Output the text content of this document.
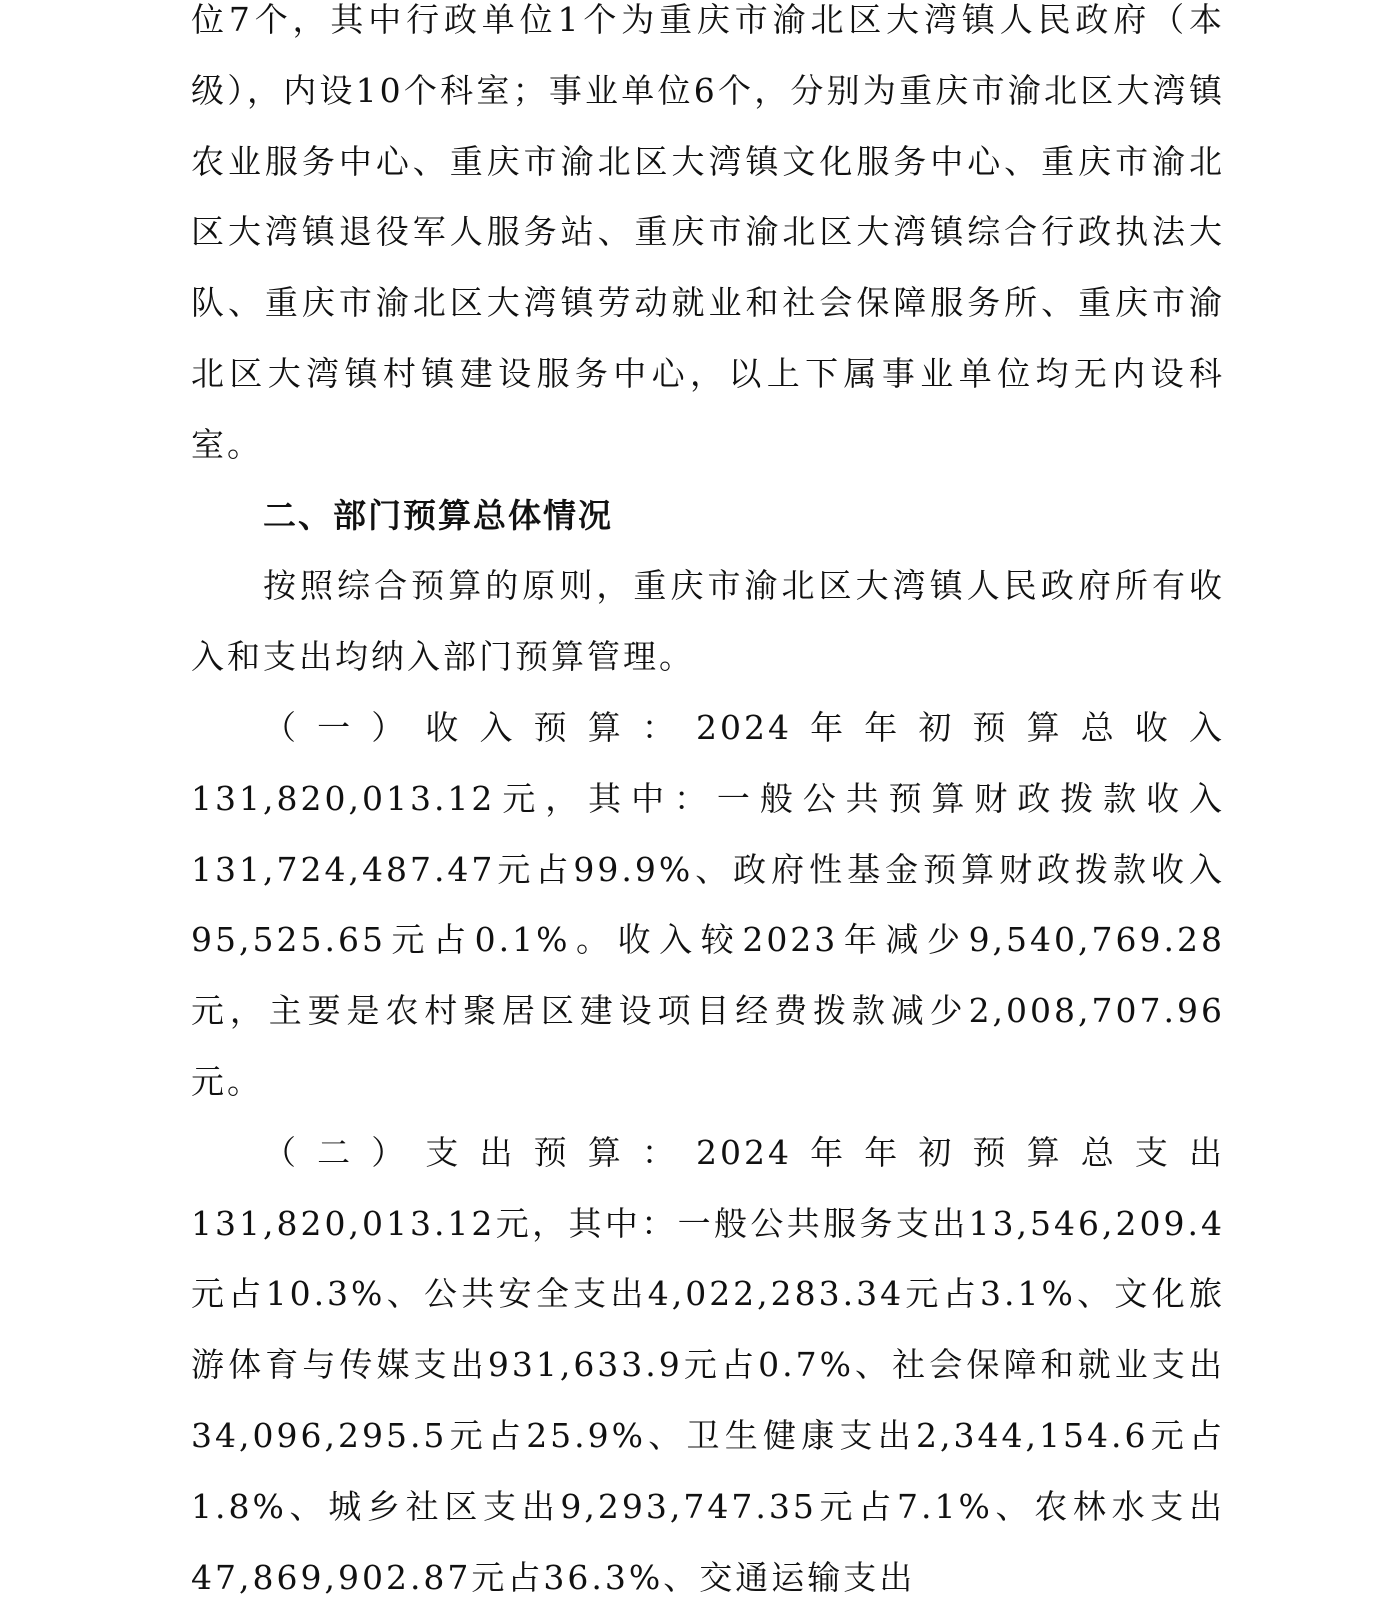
位7个，其中行政单位1个为重庆市渝北区大湾镇人民政府（本级），内设10个科室；事业单位6个，分别为重庆市渝北区大湾镇农业服务中心、重庆市渝北区大湾镇文化服务中心、重庆市渝北区大湾镇退役军人服务站、重庆市渝北区大湾镇综合行政执法大队、重庆市渝北区大湾镇劳动就业和社会保障服务所、重庆市渝北区大湾镇村镇建设服务中心，以上下属事业单位均无内设科室。

二、部门预算总体情况

按照综合预算的原则，重庆市渝北区大湾镇人民政府所有收入和支出均纳入部门预算管理。

（一）收入预算：2024年年初预算总收入131,820,013.12元，其中：一般公共预算财政拨款收入131,724,487.47元占99.9%、政府性基金预算财政拨款收入95,525.65元占0.1%。收入较2023年减少9,540,769.28元，主要是农村聚居区建设项目经费拨款减少2,008,707.96元。

（二）支出预算：2024年年初预算总支出131,820,013.12元，其中：一般公共服务支出13,546,209.4元占10.3%、公共安全支出4,022,283.34元占3.1%、文化旅游体育与传媒支出931,633.9元占0.7%、社会保障和就业支出34,096,295.5元占25.9%、卫生健康支出2,344,154.6元占1.8%、城乡社区支出9,293,747.35元占7.1%、农林水支出47,869,902.87元占36.3%、交通运输支出
